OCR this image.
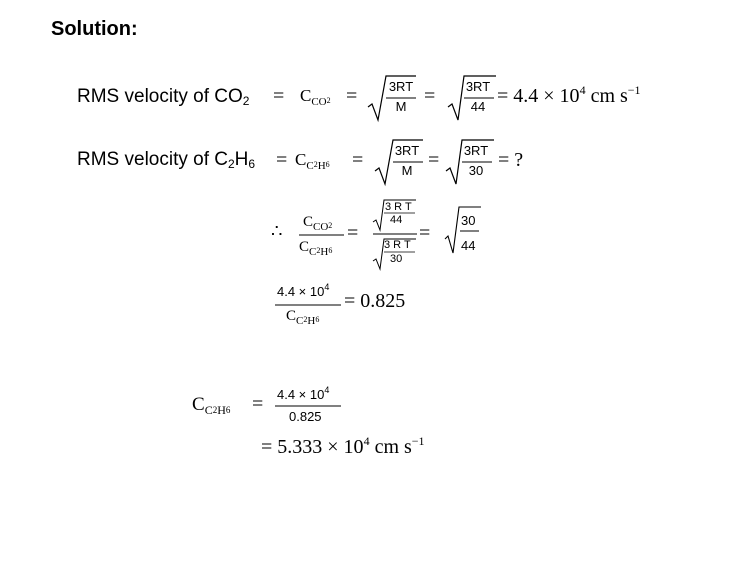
Solution:
RMS velocity of $CO_2 = C_{CO}2 = 3RT$
M = 3RT
$44 = 4.4 \times 10^4$ cm $s^{-1}$
RMS velocity of $C_2H_6 = C_C2_H6 = 3RT$
M = 3RT
30 = ?
∴ $C_{CO}2$
$C_C2_H6$
=
3 R T
44
3 R T
30
=
30
44
$4.4 \times 10^4$
$C_C2_H6$
= 0.825
$C_C2_H6 = 4.4 \times 10^4$
0.825
= $5.333 \times 10^4$ cm $s^{-1}$
